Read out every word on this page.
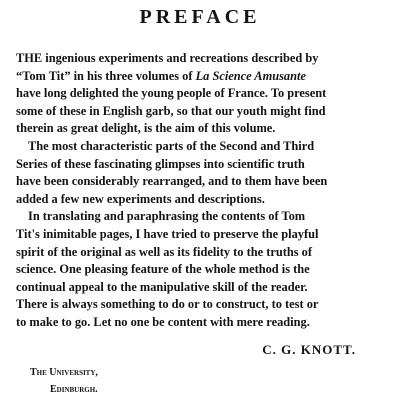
PREFACE
THE ingenious experiments and recreations described by
“Tom Tit” in his three volumes of La Science Amusante
have long delighted the young people of France. To present
some of these in English garb, so that our youth might find
therein as great delight, is the aim of this volume.
The most characteristic parts of the Second and Third
Series of these fascinating glimpses into scientific truth
have been considerably rearranged, and to them have been
added a few new experiments and descriptions.
In translating and paraphrasing the contents of Tom
Tit's inimitable pages, I have tried to preserve the playful
spirit of the original as well as its fidelity to the truths of
science. One pleasing feature of the whole method is the
continual appeal to the manipulative skill of the reader.
There is always something to do or to construct, to test or
to make to go. Let no one be content with mere reading.
C. G. KNOTT.
The University,
Edinburgh.
